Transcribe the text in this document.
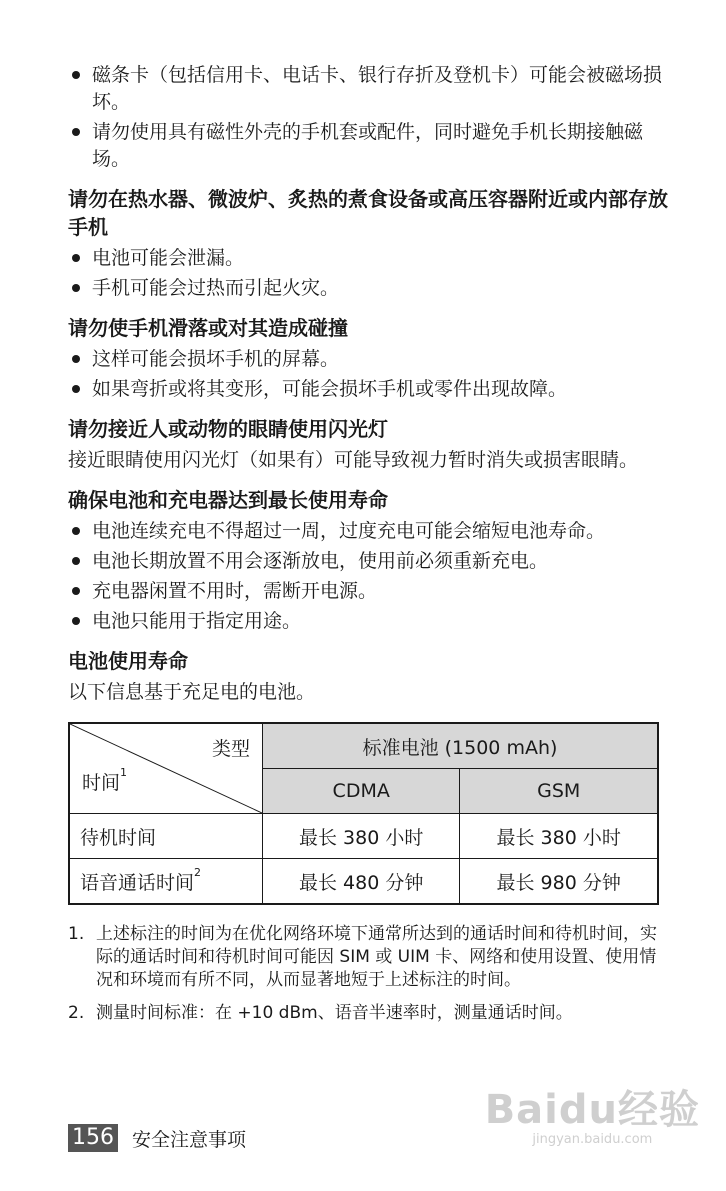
磁条卡（包括信用卡、电话卡、银行存折及登机卡）可能会被磁场损坏。
请勿使用具有磁性外壳的手机套或配件，同时避免手机长期接触磁场。
请勿在热水器、微波炉、炙热的煮食设备或高压容器附近或内部存放手机
电池可能会泄漏。
手机可能会过热而引起火灾。
请勿使手机滑落或对其造成碰撞
这样可能会损坏手机的屏幕。
如果弯折或将其变形，可能会损坏手机或零件出现故障。
请勿接近人或动物的眼睛使用闪光灯

接近眼睛使用闪光灯（如果有）可能导致视力暂时消失或损害眼睛。

确保电池和充电器达到最长使用寿命
电池连续充电不得超过一周，过度充电可能会缩短电池寿命。
电池长期放置不用会逐渐放电，使用前必须重新充电。
充电器闲置不用时，需断开电源。
电池只能用于指定用途。
电池使用寿命

以下信息基于充足电的电池。

类型
时间$^1$	标准电池 (1500 mAh)	
	CDMA	GSM
待机时间	最长 380 小时	最长 380 小时
语音通话时间$^2$	最长 480 分钟	最长 980 分钟
1. 上述标注的时间为在优化网络环境下通常所达到的通话时间和待机时间，实际的通话时间和待机时间可能因 SIM 或 UIM 卡、网络和使用设置、使用情况和环境而有所不同，从而显著地短于上述标注的时间。
2. 测量时间标准：在 +10 dBm、语音半速率时，测量通话时间。
156 安全注意事项
Baidu经验
jingyan.baidu.com
